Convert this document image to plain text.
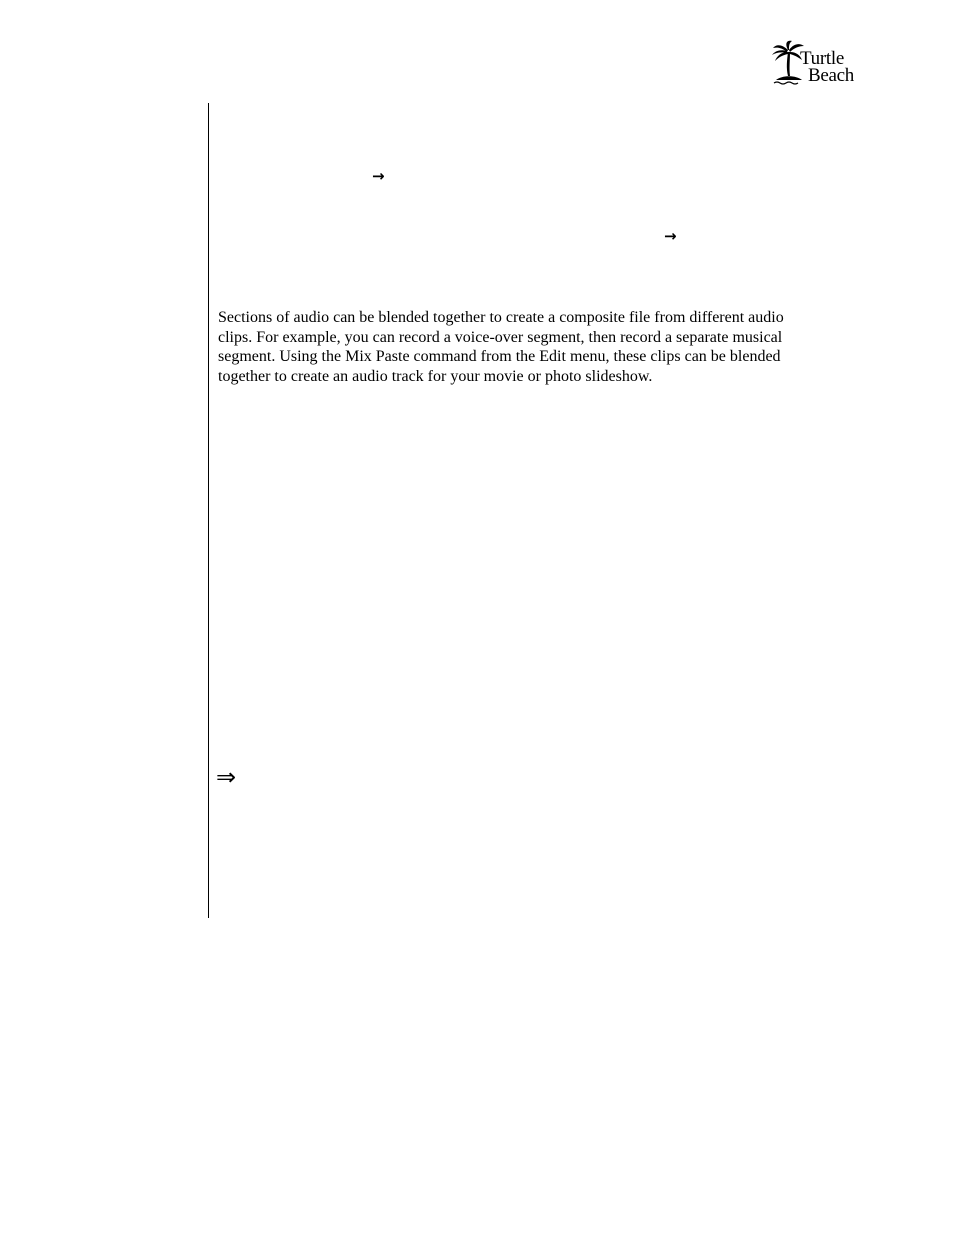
Turtle
Beach
→
→

Sections of audio can be blended together to create a composite file from different audio clips. For example, you can record a voice-over segment, then record a separate musical segment. Using the Mix Paste command from the Edit menu, these clips can be blended together to create an audio track for your movie or photo slideshow.

⇒
